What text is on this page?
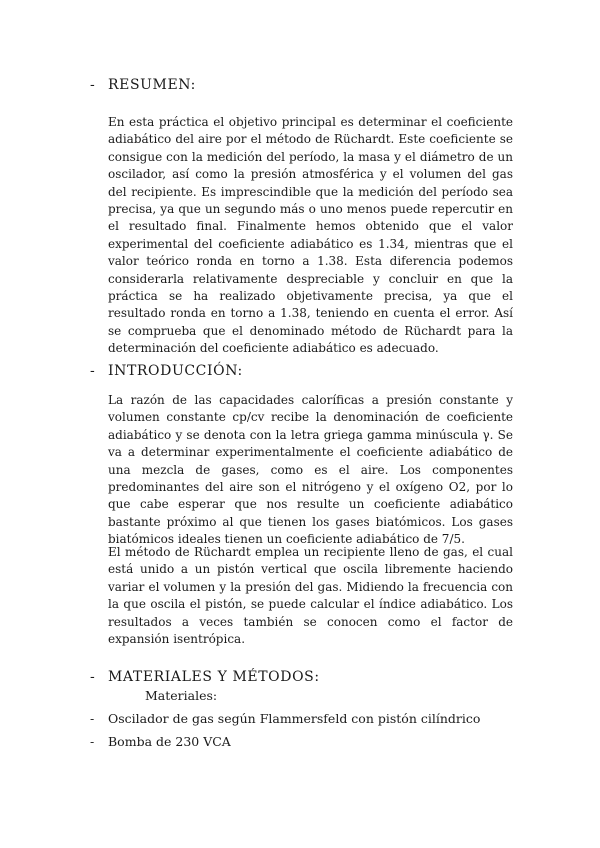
- RESUMEN:

En esta práctica el objetivo principal es determinar el coeficiente adiabático del aire por el método de Rüchardt. Este coeficiente se consigue con la medición del período, la masa y el diámetro de un oscilador, así como la presión atmosférica y el volumen del gas del recipiente. Es imprescindible que la medición del período sea precisa, ya que un segundo más o uno menos puede repercutir en el resultado final. Finalmente hemos obtenido que el valor experimental del coeficiente adiabático es 1.34, mientras que el valor teórico ronda en torno a 1.38. Esta diferencia podemos considerarla relativamente despreciable y concluir en que la práctica se ha realizado objetivamente precisa, ya que el resultado ronda en torno a 1.38, teniendo en cuenta el error. Así se comprueba que el denominado método de Rüchardt para la determinación del coeficiente adiabático es adecuado.

- INTRODUCCIÓN:

La razón de las capacidades caloríficas a presión constante y volumen constante cp/cv recibe la denominación de coeficiente adiabático y se denota con la letra griega gamma minúscula γ. Se va a determinar experimentalmente el coeficiente adiabático de una mezcla de gases, como es el aire. Los componentes predominantes del aire son el nitrógeno y el oxígeno O2, por lo que cabe esperar que nos resulte un coeficiente adiabático bastante próximo al que tienen los gases biatómicos. Los gases biatómicos ideales tienen un coeficiente adiabático de 7/5.

El método de Rüchardt emplea un recipiente lleno de gas, el cual está unido a un pistón vertical que oscila libremente haciendo variar el volumen y la presión del gas. Midiendo la frecuencia con la que oscila el pistón, se puede calcular el índice adiabático. Los resultados a veces también se conocen como el factor de expansión isentrópica.

- MATERIALES Y MÉTODOS:
Materiales:
- Oscilador de gas según Flammersfeld con pistón cilíndrico
- Bomba de 230 VCA
